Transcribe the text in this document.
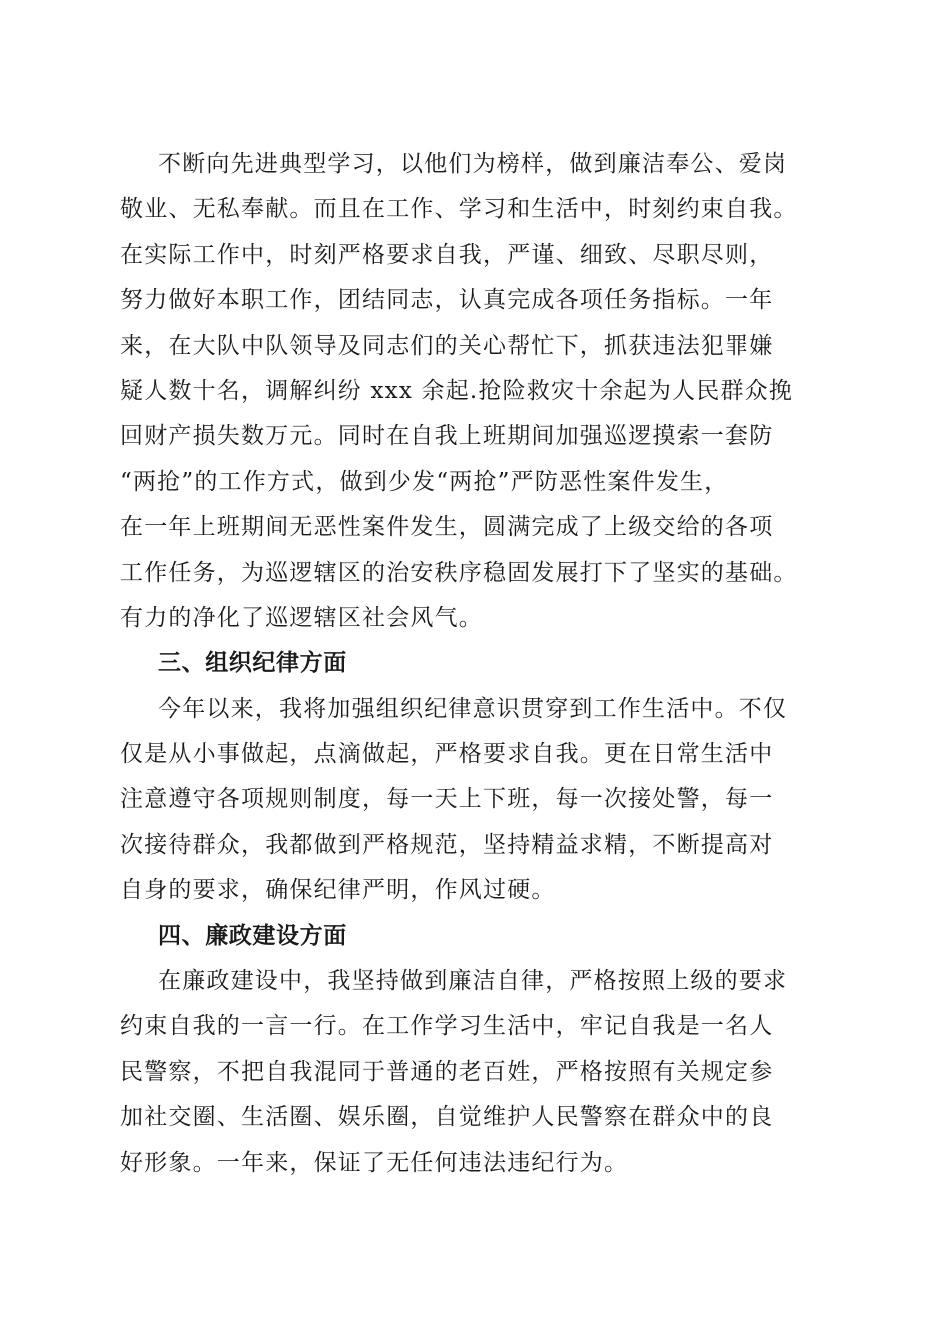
不断向先进典型学习，以他们为榜样，做到廉洁奉公、爱岗
敬业、无私奉献。而且在工作、学习和生活中，时刻约束自我。
在实际工作中，时刻严格要求自我，严谨、细致、尽职尽则，
努力做好本职工作，团结同志，认真完成各项任务指标。一年
来，在大队中队领导及同志们的关心帮忙下，抓获违法犯罪嫌
疑人数十名，调解纠纷 xxx 余起.抢险救灾十余起为人民群众挽
回财产损失数万元。同时在自我上班期间加强巡逻摸索一套防
“两抢”的工作方式，做到少发“两抢”严防恶性案件发生，
在一年上班期间无恶性案件发生，圆满完成了上级交给的各项
工作任务，为巡逻辖区的治安秩序稳固发展打下了坚实的基础。
有力的净化了巡逻辖区社会风气。
三、组织纪律方面
今年以来，我将加强组织纪律意识贯穿到工作生活中。不仅
仅是从小事做起，点滴做起，严格要求自我。更在日常生活中
注意遵守各项规则制度，每一天上下班，每一次接处警，每一
次接待群众，我都做到严格规范，坚持精益求精，不断提高对
自身的要求，确保纪律严明，作风过硬。
四、廉政建设方面
在廉政建设中，我坚持做到廉洁自律，严格按照上级的要求
约束自我的一言一行。在工作学习生活中，牢记自我是一名人
民警察，不把自我混同于普通的老百姓，严格按照有关规定参
加社交圈、生活圈、娱乐圈，自觉维护人民警察在群众中的良
好形象。一年来，保证了无任何违法违纪行为。
